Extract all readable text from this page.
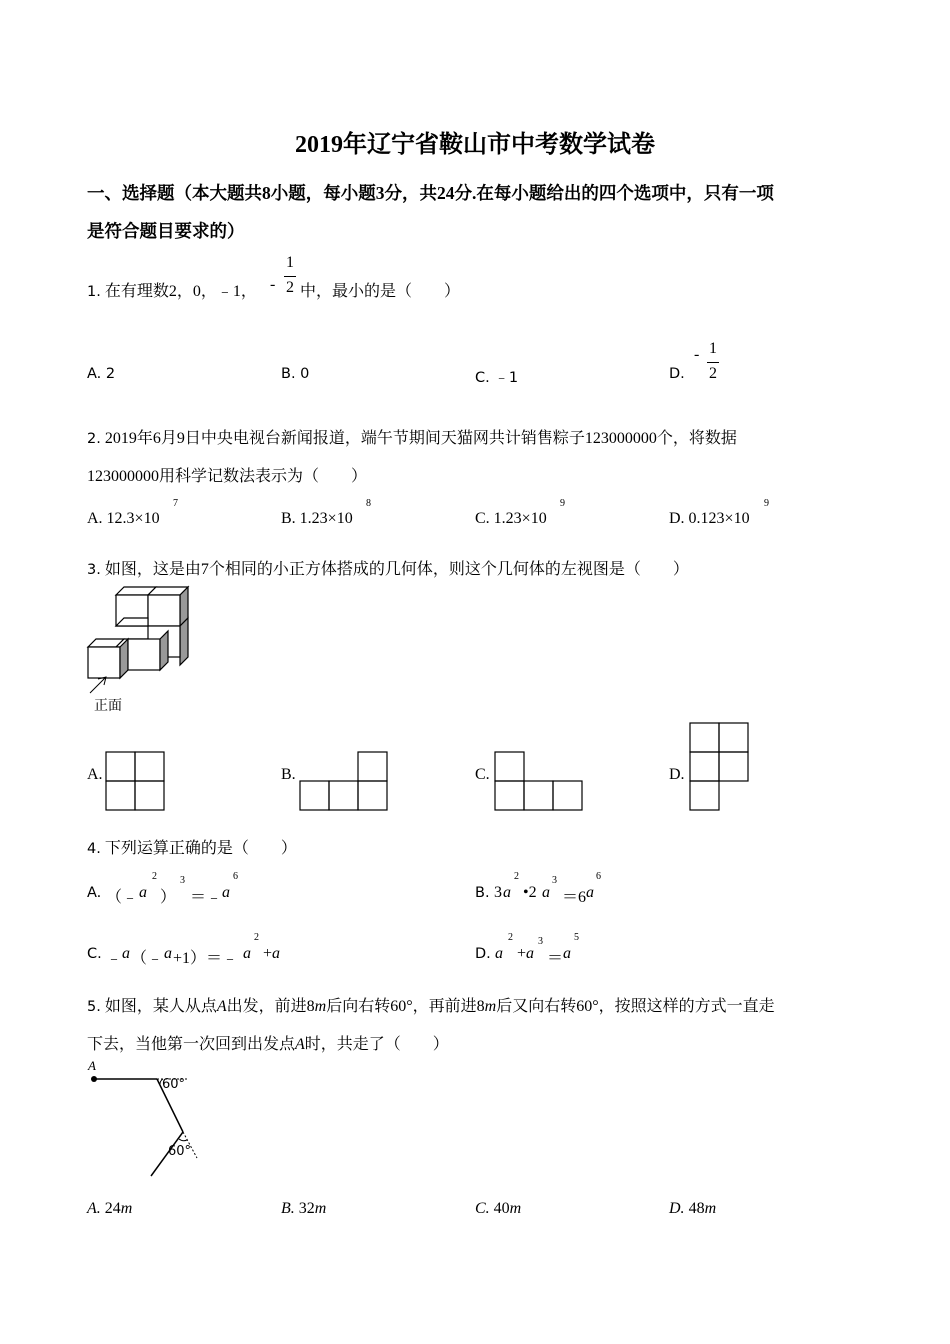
2019年辽宁省鞍山市中考数学试卷
一、选择题（本大题共8小题，每小题3分，共24分.在每小题给出的四个选项中，只有一项
是符合题目要求的）
1. 在有理数2，0，﹣1， -
1
2 中，最小的是（　　）
A. 2	B. 0	C. ﹣1	D.
- 1
2
2. 2019年6月9日中央电视台新闻报道，端午节期间天猫网共计销售粽子123000000个，将数据
123000000用科学记数法表示为（　　）
A. 12.3×10
7
B. 1.23×10
8
C. 1.23×10
9
D. 0.123×10
9
3. 如图，这是由7个相同的小正方体搭成的几何体，则这个几何体的左视图是（　　）
正面
A.	B.	C.	D.
4. 下列运算正确的是（　　）
A. （﹣ a
2
）
3
＝﹣ a
6
B. 3 a
2
•2 a
3
＝6 a
6
C. ﹣ a （﹣ a +1）＝﹣ a
2
+ a	D. a
2
+ a
3
＝ a
5
5. 如图，某人从点A出发，前进8m后向右转60°，再前进8m后又向右转60°，按照这样的方式一直走
下去，当他第一次回到出发点A时，共走了（　　）
A
60°
60°
A. 24m	B. 32m	C. 40m	D. 48m
